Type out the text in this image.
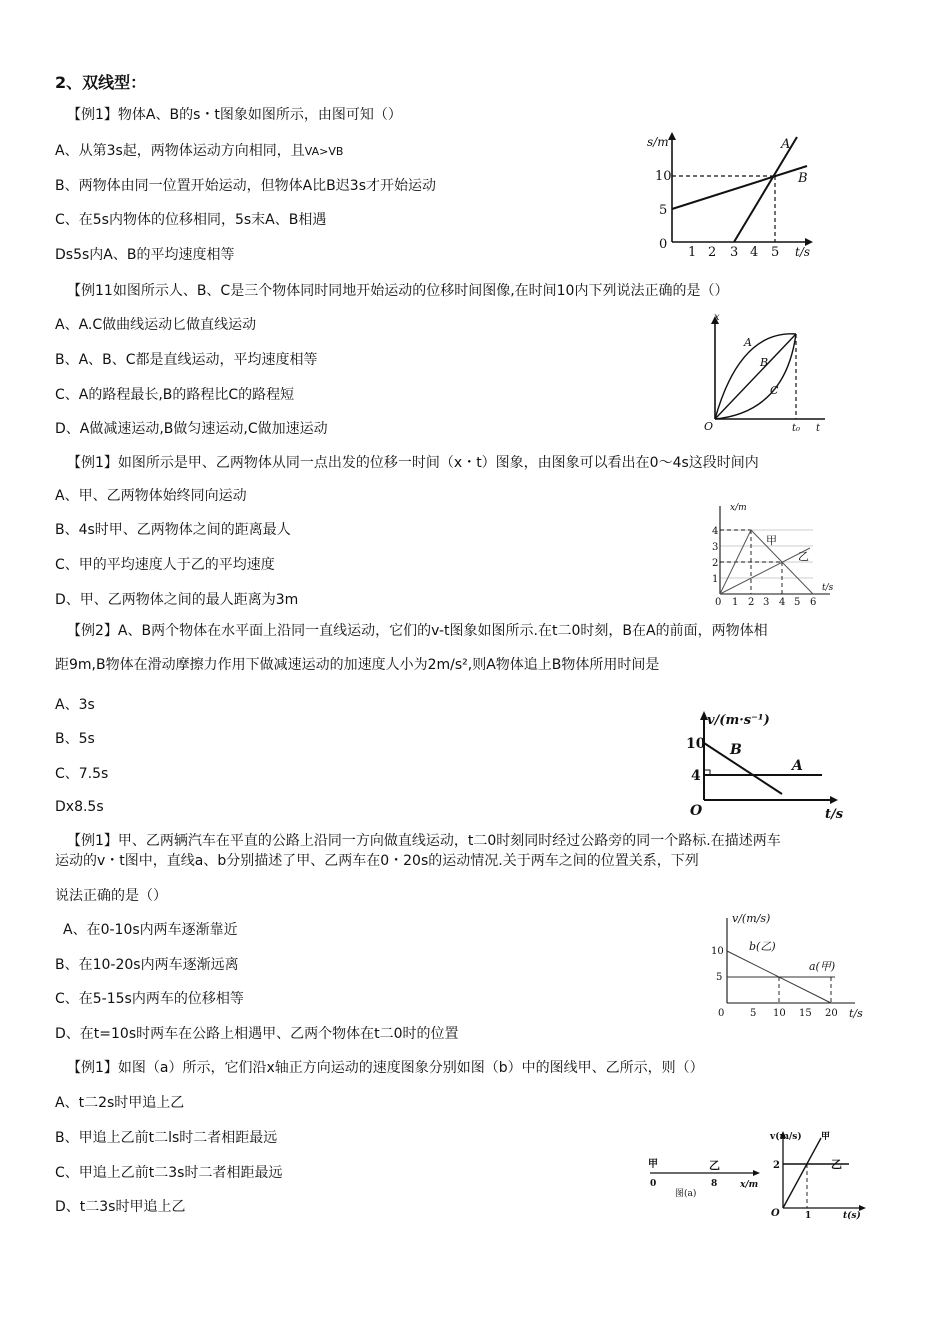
2、双线型：
【例1】物体A、B的s・t图象如图所示，由图可知（）
A、从第3s起，两物体运动方向相同，且VA>VB
B、两物体由同一位置开始运动，但物体A比B迟3s才开始运动
C、在5s内物体的位移相同，5s末A、B相遇
Ds5s内A、B的平均速度相等
s/m
10
5
0
1 2 3 4 5 t/s
A
B
【例11如图所示人、B、C是三个物体同时同地开始运动的位移时间图像,在时间10内下列说法正确的是（）
A、A.C做曲线运动匕做直线运动
B、A、B、C都是直线运动，平均速度相等
C、A的路程最长,B的路程比C的路程短
D、A做减速运动,B做匀速运动,C做加速运动
x
O	t₀ t
A
B
C
【例1】如图所示是甲、乙两物体从同一点出发的位移一时间（x・t）图象，由图象可以看出在0〜4s这段时间内
A、甲、乙两物体始终同向运动
B、4s时甲、乙两物体之间的距离最人
C、甲的平均速度人于乙的平均速度
D、甲、乙两物体之间的最人距离为3m
x/m
t/s
甲
乙
0 1 2 3 4 5 6
1
2
3
4
【例2】A、B两个物体在水平面上沿同一直线运动，它们的v-t图象如图所示.在t二0时刻，B在A的前面，两物体相
距9m,B物体在滑动摩擦力作用下做减速运动的加速度人小为2m/s²,则A物体追上B物体所用时间是
A、3s
B、5s
C、7.5s
Dx8.5s
v/(m·s⁻¹)
10
4
O	t/s
B
A
【例1】甲、乙两辆汽车在平直的公路上沿同一方向做直线运动，t二0时刻同时经过公路旁的同一个路标.在描述两车
运动的v・t图中，直线a、b分别描述了甲、乙两车在0・20s的运动情况.关于两车之间的位置关系，下列
说法正确的是（）
A、在0-10s内两车逐渐靠近
B、在10-20s内两车逐渐远离
C、在5-15s内两车的位移相等
D、在t=10s时两车在公路上相遇甲、乙两个物体在t二0时的位置
v/(m/s)
b(乙)
a(甲)
10
5
0	5 10 15 20 t/s
【例1】如图（a）所示，它们沿x轴正方向运动的速度图象分别如图（b）中的图线甲、乙所示，则（）
A、t二2s时甲追上乙
B、甲追上乙前t二ls时二者相距最远
C、甲追上乙前t二3s时二者相距最远
D、t二3s时甲追上乙
甲	乙
0	8	x/m
图(a)
v(m/s) 甲
乙
2
O	1	t(s)
